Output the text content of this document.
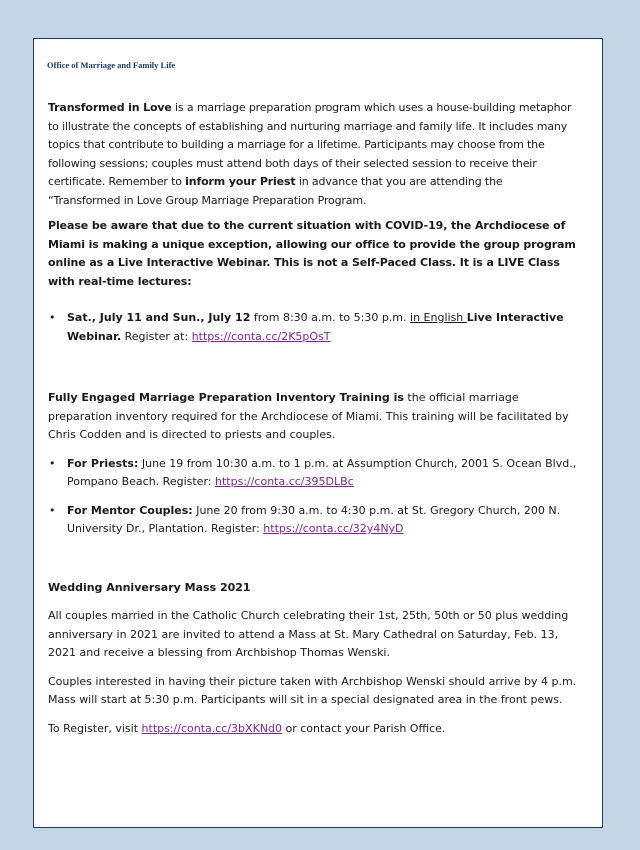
Office of Marriage and Family Life

Transformed in Love is a marriage preparation program which uses a house-building metaphor to illustrate the concepts of establishing and nurturing marriage and family life. It includes many topics that contribute to building a marriage for a lifetime. Participants may choose from the following sessions; couples must attend both days of their selected session to receive their certificate. Remember to inform your Priest in advance that you are attending the “Transformed in Love Group Marriage Preparation Program.

Please be aware that due to the current situation with COVID-19, the Archdiocese of Miami is making a unique exception, allowing our office to provide the group program online as a Live Interactive Webinar. This is not a Self-Paced Class. It is a LIVE Class with real-time lectures:

• Sat., July 11 and Sun., July 12 from 8:30 a.m. to 5:30 p.m. in English Live Interactive Webinar. Register at: https://conta.cc/2K5pOsT

Fully Engaged Marriage Preparation Inventory Training is the official marriage preparation inventory required for the Archdiocese of Miami. This training will be facilitated by Chris Codden and is directed to priests and couples.

• For Priests: June 19 from 10:30 a.m. to 1 p.m. at Assumption Church, 2001 S. Ocean Blvd., Pompano Beach. Register: https://conta.cc/395DLBc
• For Mentor Couples: June 20 from 9:30 a.m. to 4:30 p.m. at St. Gregory Church, 200 N. University Dr., Plantation. Register: https://conta.cc/32y4NyD

Wedding Anniversary Mass 2021

All couples married in the Catholic Church celebrating their 1st, 25th, 50th or 50 plus wedding anniversary in 2021 are invited to attend a Mass at St. Mary Cathedral on Saturday, Feb. 13, 2021 and receive a blessing from Archbishop Thomas Wenski.

Couples interested in having their picture taken with Archbishop Wenski should arrive by 4 p.m. Mass will start at 5:30 p.m. Participants will sit in a special designated area in the front pews.

To Register, visit https://conta.cc/3bXKNd0 or contact your Parish Office.
